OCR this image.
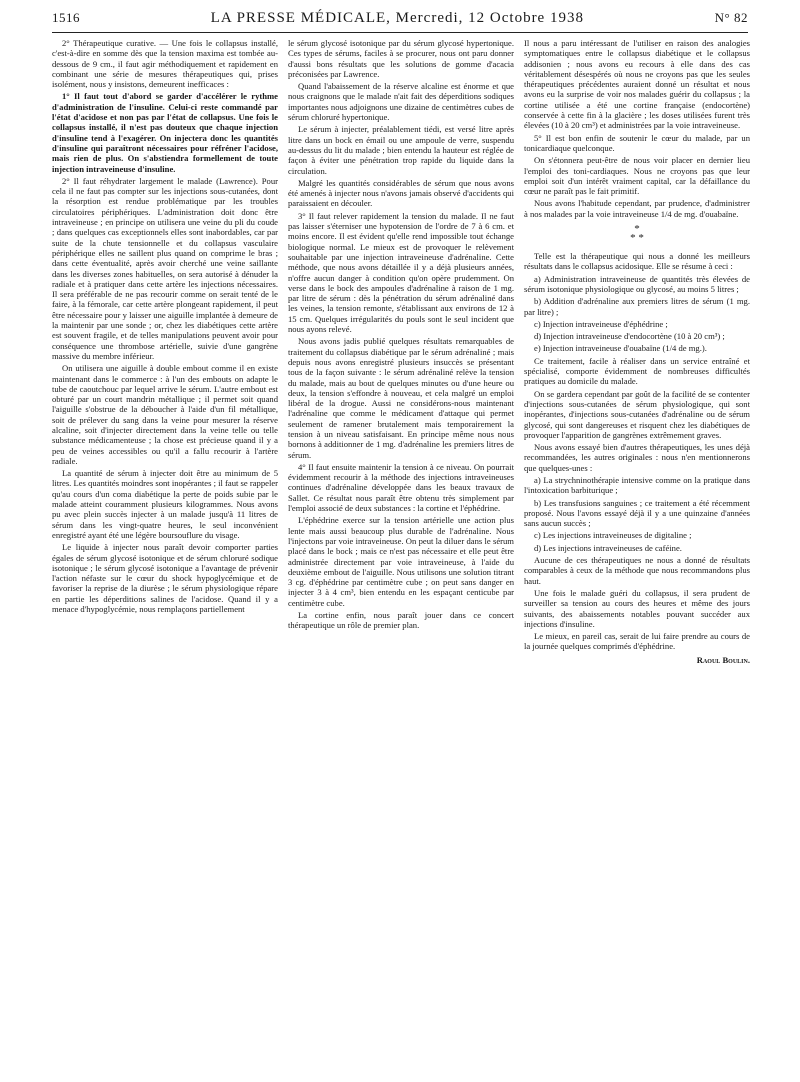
1516	LA PRESSE MÉDICALE, Mercredi, 12 Octobre 1938	N° 82

2° Thérapeutique curative. — Une fois le collapsus installé, c'est-à-dire en somme dès que la tension maxima est tombée au-dessous de 9 cm., il faut agir méthodiquement et rapidement en combinant une série de mesures thérapeutiques qui, prises isolément, nous y insistons, demeurent inefficaces :

1° Il faut tout d'abord se garder d'accélérer le rythme d'administration de l'insuline. Celui-ci reste commandé par l'état d'acidose et non pas par l'état de collapsus. Une fois le collapsus installé, il n'est pas douteux que chaque injection d'insuline tend à l'exagérer. On injectera donc les quantités d'insuline qui paraîtront nécessaires pour réfréner l'acidose, mais rien de plus. On s'abstiendra formellement de toute injection intraveineuse d'insuline.

2° Il faut réhydrater largement le malade (Lawrence). Pour cela il ne faut pas compter sur les injections sous-cutanées, dont la résorption est rendue problématique par les troubles circulatoires périphériques. L'administration doit donc être intraveineuse ; en principe on utilisera une veine du pli du coude ; dans quelques cas exceptionnels elles sont inabordables, car par suite de la chute tensionnelle et du collapsus vasculaire périphérique elles ne saillent plus quand on comprime le bras ; dans cette éventualité, après avoir cherché une veine saillante dans les diverses zones habituelles, on sera autorisé à dénuder la radiale et à pratiquer dans cette artère les injections nécessaires. Il sera préférable de ne pas recourir comme on serait tenté de le faire, à la fémorale, car cette artère plongeant rapidement, il peut être nécessaire pour y laisser une aiguille implantée à demeure de la maintenir par une sonde ; or, chez les diabétiques cette artère est souvent fragile, et de telles manipulations peuvent avoir pour conséquence une thrombose artérielle, suivie d'une gangrène massive du membre inférieur.

On utilisera une aiguille à double embout comme il en existe maintenant dans le commerce : à l'un des embouts on adapte le tube de caoutchouc par lequel arrive le sérum. L'autre embout est obturé par un court mandrin métallique ; il permet soit quand l'aiguille s'obstrue de la déboucher à l'aide d'un fil métallique, soit de prélever du sang dans la veine pour mesurer la réserve alcaline, soit d'injecter directement dans la veine telle ou telle substance médicamenteuse ; la chose est précieuse quand il y a peu de veines accessibles ou qu'il a fallu recourir à l'artère radiale.

La quantité de sérum à injecter doit être au minimum de 5 litres. Les quantités moindres sont inopérantes ; il faut se rappeler qu'au cours d'un coma diabétique la perte de poids subie par le malade atteint couramment plusieurs kilogrammes. Nous avons pu avec plein succès injecter à un malade jusqu'à 11 litres de sérum dans les vingt-quatre heures, le seul inconvénient enregistré ayant été une légère boursouflure du visage.

Le liquide à injecter nous paraît devoir comporter parties égales de sérum glycosé isotonique et de sérum chloruré sodique isotonique ; le sérum glycosé isotonique a l'avantage de prévenir l'action néfaste sur le cœur du shock hypoglycémique et de favoriser la reprise de la diurèse ; le sérum physiologique répare en partie les déperditions salines de l'acidose. Quand il y a menace d'hypoglycémie, nous remplaçons partiellement

le sérum glycosé isotonique par du sérum glycosé hypertonique. Ces types de sérums, faciles à se procurer, nous ont paru donner d'aussi bons résultats que les solutions de gomme d'acacia préconisées par Lawrence.

Quand l'abaissement de la réserve alcaline est énorme et que nous craignons que le malade n'ait fait des déperditions sodiques importantes nous adjoignons une dizaine de centimètres cubes de sérum chloruré hypertonique.

Le sérum à injecter, préalablement tiédi, est versé litre après litre dans un bock en émail ou une ampoule de verre, suspendu au-dessus du lit du malade ; bien entendu la hauteur est réglée de façon à éviter une pénétration trop rapide du liquide dans la circulation.

Malgré les quantités considérables de sérum que nous avons été amenés à injecter nous n'avons jamais observé d'accidents qui paraissaient en découler.

3° Il faut relever rapidement la tension du malade. Il ne faut pas laisser s'éterniser une hypotension de l'ordre de 7 à 6 cm. et moins encore. Il est évident qu'elle rend impossible tout échange biologique normal. Le mieux est de provoquer le relèvement souhaitable par une injection intraveineuse d'adrénaline. Cette méthode, que nous avons détaillée il y a déjà plusieurs années, n'offre aucun danger à condition qu'on opère prudemment. On verse dans le bock des ampoules d'adrénaline à raison de 1 mg. par litre de sérum : dès la pénétration du sérum adrénaliné dans les veines, la tension remonte, s'établissant aux environs de 12 à 15 cm. Quelques irrégularités du pouls sont le seul incident que nous ayons relevé.

Nous avons jadis publié quelques résultats remarquables de traitement du collapsus diabétique par le sérum adrénaliné ; mais depuis nous avons enregistré plusieurs insuccès se présentant tous de la façon suivante : le sérum adrénaliné relève la tension du malade, mais au bout de quelques minutes ou d'une heure ou deux, la tension s'effondre à nouveau, et cela malgré un emploi libéral de la drogue. Aussi ne considérons-nous maintenant l'adrénaline que comme le médicament d'attaque qui permet seulement de ramener brutalement mais temporairement la tension à un niveau satisfaisant. En principe même nous nous bornons à additionner de 1 mg. d'adrénaline les premiers litres de sérum.

4° Il faut ensuite maintenir la tension à ce niveau. On pourrait évidemment recourir à la méthode des injections intraveineuses continues d'adrénaline développée dans les beaux travaux de Sallet. Ce résultat nous paraît être obtenu très simplement par l'emploi associé de deux substances : la cortine et l'éphédrine.

L'éphédrine exerce sur la tension artérielle une action plus lente mais aussi beaucoup plus durable de l'adrénaline. Nous l'injectons par voie intraveineuse. On peut la diluer dans le sérum placé dans le bock ; mais ce n'est pas nécessaire et elle peut être administrée directement par voie intraveineuse, à l'aide du deuxième embout de l'aiguille. Nous utilisons une solution titrant 3 cg. d'éphédrine par centimètre cube ; on peut sans danger en injecter 3 à 4 cm³, bien entendu en les espaçant centicube par centimètre cube.

La cortine enfin, nous paraît jouer dans ce concert thérapeutique un rôle de premier plan.

Il nous a paru intéressant de l'utiliser en raison des analogies symptomatiques entre le collapsus diabétique et le collapsus addisonien ; nous avons eu recours à elle dans des cas véritablement désespérés où nous ne croyons pas que les seules thérapeutiques précédentes auraient donné un résultat et nous avons eu la surprise de voir nos malades guérir du collapsus ; la cortine utilisée a été une cortine française (endocortène) conservée à cette fin à la glacière ; les doses utilisées furent très élevées (10 à 20 cm³) et administrées par la voie intraveineuse.

5° Il est bon enfin de soutenir le cœur du malade, par un tonicardiaque quelconque.

On s'étonnera peut-être de nous voir placer en dernier lieu l'emploi des toni-cardiaques. Nous ne croyons pas que leur emploi soit d'un intérêt vraiment capital, car la défaillance du cœur ne paraît pas le fait primitif.

Nous avons l'habitude cependant, par prudence, d'administrer à nos malades par la voie intraveineuse 1/4 de mg. d'ouabaïne.

*
* *

Telle est la thérapeutique qui nous a donné les meilleurs résultats dans le collapsus acidosique. Elle se résume à ceci :

a) Administration intraveineuse de quantités très élevées de sérum isotonique physiologique ou glycosé, au moins 5 litres ;

b) Addition d'adrénaline aux premiers litres de sérum (1 mg. par litre) ;

c) Injection intraveineuse d'éphédrine ;

d) Injection intraveineuse d'endocortène (10 à 20 cm³) ;

e) Injection intraveineuse d'ouabaïne (1/4 de mg.).

Ce traitement, facile à réaliser dans un service entraîné et spécialisé, comporte évidemment de nombreuses difficultés pratiques au domicile du malade.

On se gardera cependant par goût de la facilité de se contenter d'injections sous-cutanées de sérum physiologique, qui sont inopérantes, d'injections sous-cutanées d'adrénaline ou de sérum glycosé, qui sont dangereuses et risquent chez les diabétiques de provoquer l'apparition de gangrènes extrêmement graves.

Nous avons essayé bien d'autres thérapeutiques, les unes déjà recommandées, les autres originales : nous n'en mentionnerons que quelques-unes :

a) La strychninothérapie intensive comme on la pratique dans l'intoxication barbiturique ;

b) Les transfusions sanguines ; ce traitement a été récemment proposé. Nous l'avons essayé déjà il y a une quinzaine d'années sans aucun succès ;

c) Les injections intraveineuses de digitaline ;

d) Les injections intraveineuses de caféine.

Aucune de ces thérapeutiques ne nous a donné de résultats comparables à ceux de la méthode que nous recommandons plus haut.

Une fois le malade guéri du collapsus, il sera prudent de surveiller sa tension au cours des heures et même des jours suivants, des abaissements notables pouvant succéder aux injections d'insuline.

Le mieux, en pareil cas, serait de lui faire prendre au cours de la journée quelques comprimés d'éphédrine.

Raoul Boulin.
